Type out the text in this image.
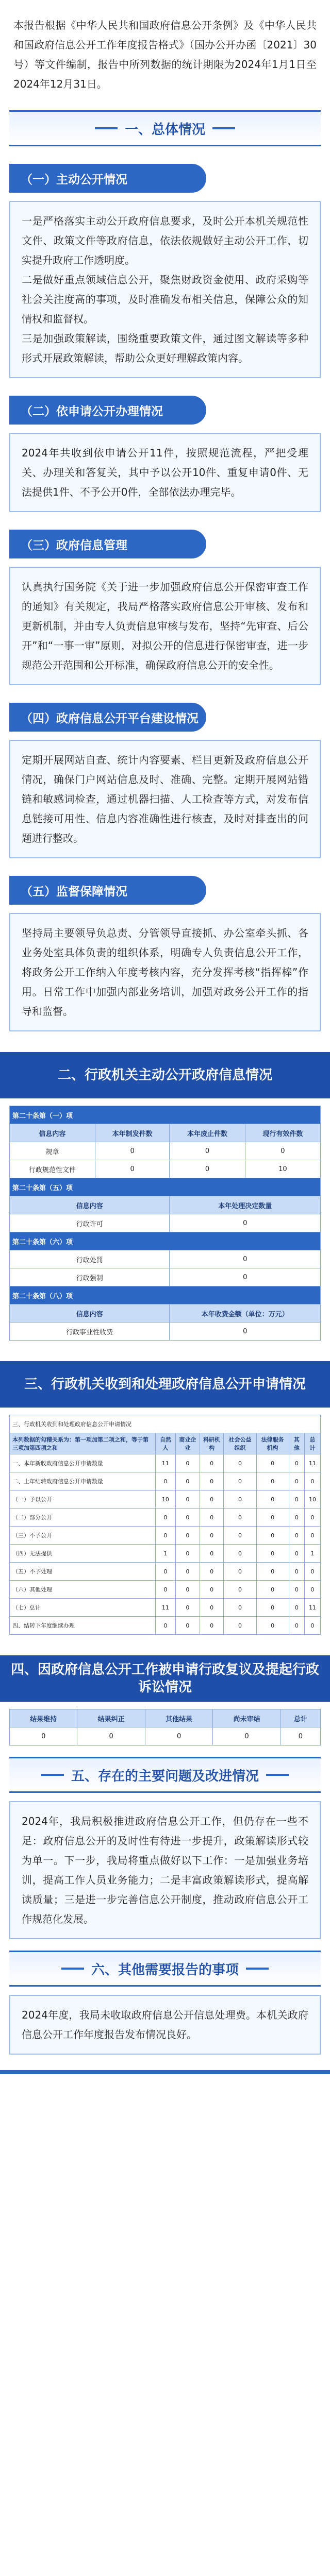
本报告根据《中华人民共和国政府信息公开条例》及《中华人民共和国政府信息公开工作年度报告格式》（国办公开办函〔2021〕30号）等文件编制，报告中所列数据的统计期限为2024年1月1日至2024年12月31日。
一、总体情况
（一）主动公开情况
一是严格落实主动公开政府信息要求，及时公开本机关规范性文件、政策文件等政府信息，依法依规做好主动公开工作，切实提升政府工作透明度。
二是做好重点领域信息公开，聚焦财政资金使用、政府采购等社会关注度高的事项，及时准确发布相关信息，保障公众的知情权和监督权。
三是加强政策解读，围绕重要政策文件，通过图文解读等多种形式开展政策解读，帮助公众更好理解政策内容。
（二）依申请公开办理情况
2024年共收到依申请公开11件，按照规范流程，严把受理关、办理关和答复关，其中予以公开10件、重复申请0件、无法提供1件、不予公开0件，全部依法办理完毕。
（三）政府信息管理
认真执行国务院《关于进一步加强政府信息公开保密审查工作的通知》有关规定，我局严格落实政府信息公开审核、发布和更新机制，并由专人负责信息审核与发布，坚持“先审查、后公开”和“一事一审”原则，对拟公开的信息进行保密审查，进一步规范公开范围和公开标准，确保政府信息公开的安全性。
（四）政府信息公开平台建设情况
定期开展网站自查、统计内容要素、栏目更新及政府信息公开情况，确保门户网站信息及时、准确、完整。定期开展网站错链和敏感词检查，通过机器扫描、人工检查等方式，对发布信息链接可用性、信息内容准确性进行核查，及时对排查出的问题进行整改。
（五）监督保障情况
坚持局主要领导负总责、分管领导直接抓、办公室牵头抓、各业务处室具体负责的组织体系，明确专人负责信息公开工作，将政务公开工作纳入年度考核内容，充分发挥考核“指挥棒”作用。日常工作中加强内部业务培训，加强对政务公开工作的指导和监督。
二、行政机关主动公开政府信息情况
第二十条第（一）项			
信息内容	本年制发件数	本年废止件数	现行有效件数
规章	0	0	0
行政规范性文件	0	0	10
第二十条第（五）项			
信息内容		本年处理决定数量	
行政许可		0	
第二十条第（六）项			
行政处罚		0	
行政强制		0	
第二十条第（八）项			
信息内容		本年收费金额（单位：万元）	
行政事业性收费		0	
三、行政机关收到和处理政府信息公开申请情况
三、行政机关收到和处理政府信息公开申请情况							
本列数据的勾稽关系为：第一项加第二项之和，等于第三项加第四项之和	自然人	商业企业	科研机构	社会公益组织	法律服务机构	其他	总计
一、本年新收政府信息公开申请数量	11	0	0	0	0	0	11
二、上年结转政府信息公开申请数量	0	0	0	0	0	0	0
（一）予以公开	10	0	0	0	0	0	10
（二）部分公开	0	0	0	0	0	0	0
（三）不予公开	0	0	0	0	0	0	0
（四）无法提供	1	0	0	0	0	0	1
（五）不予处理	0	0	0	0	0	0	0
（六）其他处理	0	0	0	0	0	0	0
（七）总计	11	0	0	0	0	0	11
四、结转下年度继续办理	0	0	0	0	0	0	0
四、因政府信息公开工作被申请行政复议及提起行政诉讼情况
结果维持	结果纠正	其他结果	尚未审结	总计
0	0	0	0	0
五、存在的主要问题及改进情况
2024年，我局积极推进政府信息公开工作，但仍存在一些不足：政府信息公开的及时性有待进一步提升，政策解读形式较为单一。下一步，我局将重点做好以下工作：一是加强业务培训，提高工作人员业务能力；二是丰富政策解读形式，提高解读质量；三是进一步完善信息公开制度，推动政府信息公开工作规范化发展。
六、其他需要报告的事项
2024年度，我局未收取政府信息公开信息处理费。本机关政府信息公开工作年度报告发布情况良好。
